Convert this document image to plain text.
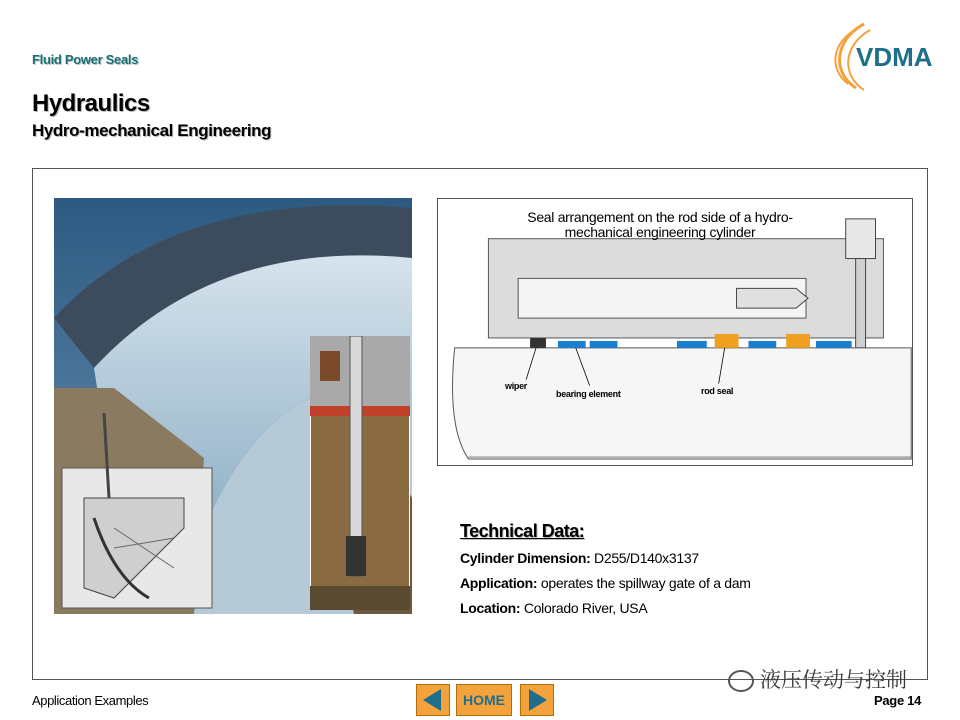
Fluid Power Seals
Hydraulics
Hydro-mechanical Engineering
VDMA
Seal arrangement on the rod side of a hydro-
mechanical engineering cylinder
wiper
bearing element	rod seal
Technical Data:
Cylinder Dimension: D255/D140x3137
Application: operates the spillway gate of a dam
Location: Colorado River, USA
液压传动与控制
Application Examples	HOME	Page 14
